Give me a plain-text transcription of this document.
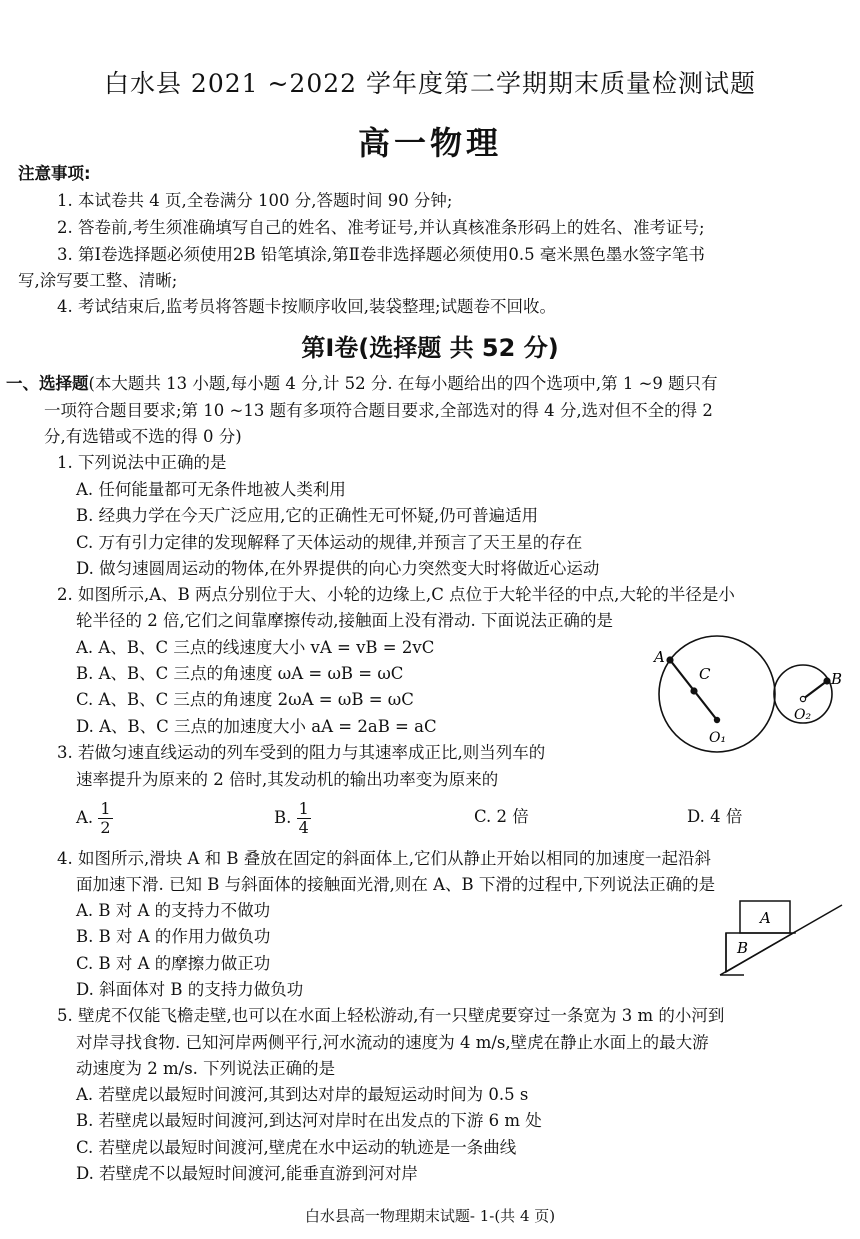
白水县 2021 ~2022 学年度第二学期期末质量检测试题
高一物理
注意事项:
1. 本试卷共 4 页,全卷满分 100 分,答题时间 90 分钟;
2. 答卷前,考生须准确填写自己的姓名、准考证号,并认真核准条形码上的姓名、准考证号;
3. 第Ⅰ卷选择题必须使用2B 铅笔填涂,第Ⅱ卷非选择题必须使用0.5 毫米黑色墨水签字笔书
写,涂写要工整、清晰;
4. 考试结束后,监考员将答题卡按顺序收回,装袋整理;试题卷不回收。
第Ⅰ卷(选择题 共 52 分)
一、选择题(本大题共 13 小题,每小题 4 分,计 52 分. 在每小题给出的四个选项中,第 1 ~9 题只有
一项符合题目要求;第 10 ~13 题有多项符合题目要求,全部选对的得 4 分,选对但不全的得 2
分,有选错或不选的得 0 分)
1. 下列说法中正确的是
A. 任何能量都可无条件地被人类利用
B. 经典力学在今天广泛应用,它的正确性无可怀疑,仍可普遍适用
C. 万有引力定律的发现解释了天体运动的规律,并预言了天王星的存在
D. 做匀速圆周运动的物体,在外界提供的向心力突然变大时将做近心运动
2. 如图所示,A、B 两点分别位于大、小轮的边缘上,C 点位于大轮半径的中点,大轮的半径是小
轮半径的 2 倍,它们之间靠摩擦传动,接触面上没有滑动. 下面说法正确的是
A. A、B、C 三点的线速度大小 vA = vB = 2vC
B. A、B、C 三点的角速度 ωA = ωB = ωC
C. A、B、C 三点的角速度 2ωA = ωB = ωC
D. A、B、C 三点的加速度大小 aA = 2aB = aC
A
C	B
O₁
O₂
3. 若做匀速直线运动的列车受到的阻力与其速率成正比,则当列车的
速率提升为原来的 2 倍时,其发动机的输出功率变为原来的
A. $\frac{1}{2}$	B. $\frac{1}{4}$	C. 2 倍	D. 4 倍
4. 如图所示,滑块 A 和 B 叠放在固定的斜面体上,它们从静止开始以相同的加速度一起沿斜
面加速下滑. 已知 B 与斜面体的接触面光滑,则在 A、B 下滑的过程中,下列说法正确的是
A. B 对 A 的支持力不做功
B. B 对 A 的作用力做负功
C. B 对 A 的摩擦力做正功
D. 斜面体对 B 的支持力做负功
A
B
5. 壁虎不仅能飞檐走壁,也可以在水面上轻松游动,有一只壁虎要穿过一条宽为 3 m 的小河到
对岸寻找食物. 已知河岸两侧平行,河水流动的速度为 4 m/s,壁虎在静止水面上的最大游
动速度为 2 m/s. 下列说法正确的是
A. 若壁虎以最短时间渡河,其到达对岸的最短运动时间为 0.5 s
B. 若壁虎以最短时间渡河,到达河对岸时在出发点的下游 6 m 处
C. 若壁虎以最短时间渡河,壁虎在水中运动的轨迹是一条曲线
D. 若壁虎不以最短时间渡河,能垂直游到河对岸
白水县高一物理期末试题- 1-(共 4 页)
